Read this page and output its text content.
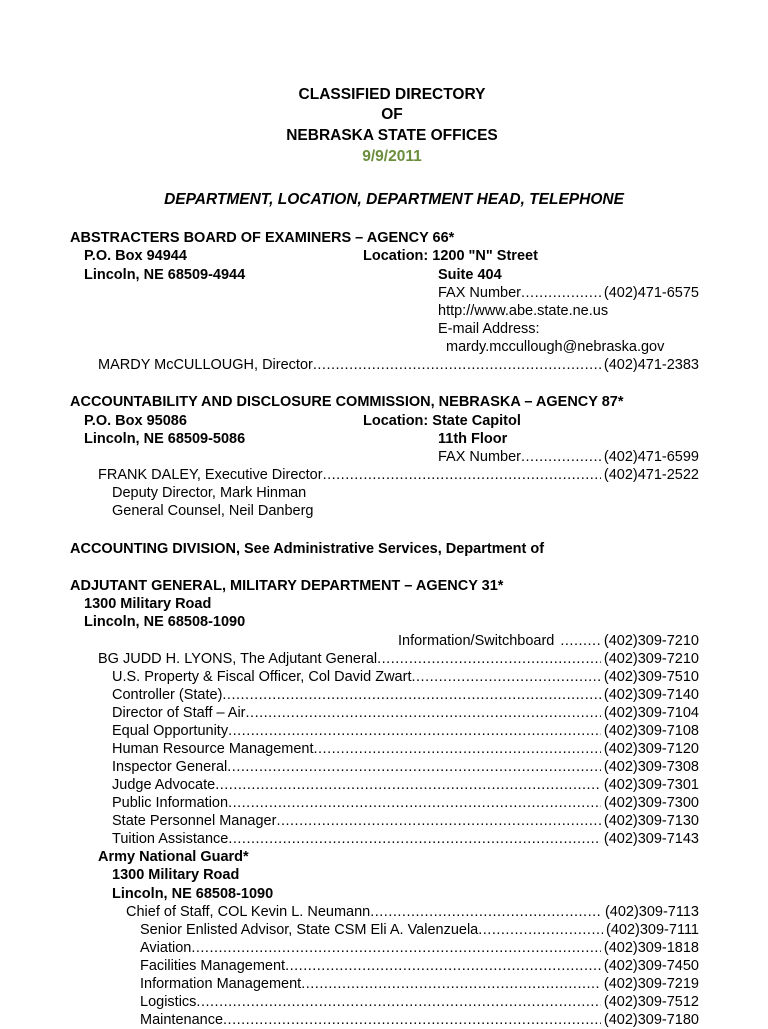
CLASSIFIED DIRECTORY
OF
NEBRASKA STATE OFFICES
9/9/2011
DEPARTMENT, LOCATION, DEPARTMENT HEAD, TELEPHONE
ABSTRACTERS BOARD OF EXAMINERS – AGENCY 66*
P.O. Box 94944	Location: 1200 "N" Street
Lincoln, NE 68509-4944	Suite 404
FAX Number .....	(402)471-6575
http://www.abe.state.ne.us
E-mail Address:
mardy.mccullough@nebraska.gov
MARDY McCULLOUGH, Director .....	(402)471-2383
ACCOUNTABILITY AND DISCLOSURE COMMISSION, NEBRASKA – AGENCY 87*
P.O. Box 95086	Location: State Capitol
Lincoln, NE 68509-5086	11th Floor
FAX Number .....	(402)471-6599
FRANK DALEY, Executive Director .....	(402)471-2522
Deputy Director, Mark Hinman
General Counsel, Neil Danberg
ACCOUNTING DIVISION, See Administrative Services, Department of
ADJUTANT GENERAL, MILITARY DEPARTMENT – AGENCY 31*
1300 Military Road
Lincoln, NE 68508-1090
Information/Switchboard .....	(402)309-7210
BG JUDD H. LYONS, The Adjutant General .....	(402)309-7210
U.S. Property & Fiscal Officer, Col David Zwart .....	(402)309-7510
Controller (State) .....	(402)309-7140
Director of Staff – Air .....	(402)309-7104
Equal Opportunity .....	(402)309-7108
Human Resource Management .....	(402)309-7120
Inspector General .....	(402)309-7308
Judge Advocate .....	(402)309-7301
Public Information .....	(402)309-7300
State Personnel Manager .....	(402)309-7130
Tuition Assistance .....	(402)309-7143
Army National Guard*
1300 Military Road
Lincoln, NE 68508-1090
Chief of Staff, COL Kevin L. Neumann .....	(402)309-7113
Senior Enlisted Advisor, State CSM Eli A. Valenzuela .....	(402)309-7111
Aviation .....	(402)309-1818
Facilities Management .....	(402)309-7450
Information Management .....	(402)309-7219
Logistics .....	(402)309-7512
Maintenance .....	(402)309-7180
